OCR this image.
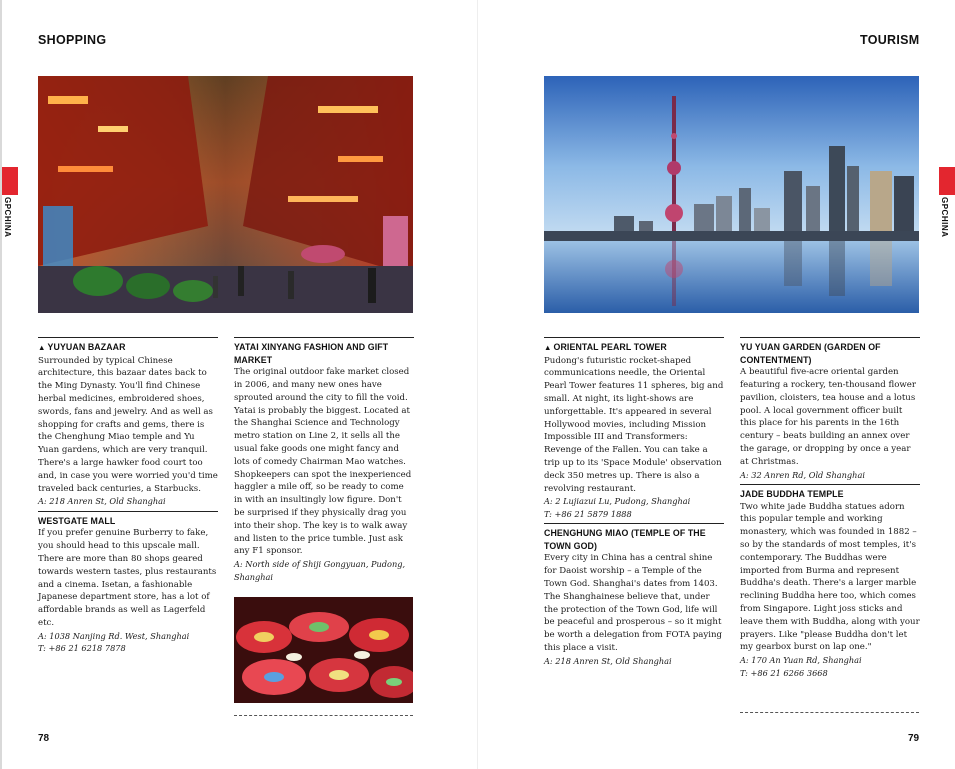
SHOPPING
GPCHINA
▲ YUYUAN BAZAAR

Surrounded by typical Chinese architecture, this bazaar dates back to the Ming Dynasty. You'll find Chinese herbal medicines, embroidered shoes, swords, fans and jewelry. And as well as shopping for crafts and gems, there is the Chenghung Miao temple and Yu Yuan gardens, which are very tranquil. There's a large hawker food court too and, in case you were worried you'd time traveled back centuries, a Starbucks.

A: 218 Anren St, Old Shanghai

WESTGATE MALL

If you prefer genuine Burberry to fake, you should head to this upscale mall. There are more than 80 shops geared towards western tastes, plus restaurants and a cinema. Isetan, a fashionable Japanese department store, has a lot of affordable brands as well as Lagerfeld etc.

A: 1038 Nanjing Rd. West, Shanghai

T: +86 21 6218 7878

YATAI XINYANG FASHION AND GIFT MARKET

The original outdoor fake market closed in 2006, and many new ones have sprouted around the city to fill the void. Yatai is probably the biggest. Located at the Shanghai Science and Technology metro station on Line 2, it sells all the usual fake goods one might fancy and lots of comedy Chairman Mao watches. Shopkeepers can spot the inexperienced haggler a mile off, so be ready to come in with an insultingly low figure. Don't be surprised if they physically drag you into their shop. The key is to walk away and listen to the price tumble. Just ask any F1 sponsor.

A: North side of Shiji Gongyuan, Pudong, Shanghai

78
TOURISM
GPCHINA
▲ ORIENTAL PEARL TOWER

Pudong's futuristic rocket-shaped communications needle, the Oriental Pearl Tower features 11 spheres, big and small. At night, its light-shows are unforgettable. It's appeared in several Hollywood movies, including Mission Impossible III and Transformers: Revenge of the Fallen. You can take a trip up to its 'Space Module' observation deck 350 metres up. There is also a revolving restaurant.

A: 2 Lujiazui Lu, Pudong, Shanghai

T: +86 21 5879 1888

CHENGHUNG MIAO (TEMPLE OF THE TOWN GOD)

Every city in China has a central shine for Daoist worship – a Temple of the Town God. Shanghai's dates from 1403. The Shanghainese believe that, under the protection of the Town God, life will be peaceful and prosperous – so it might be worth a delegation from FOTA paying this place a visit.

A: 218 Anren St, Old Shanghai

YU YUAN GARDEN (GARDEN OF CONTENTMENT)

A beautiful five-acre oriental garden featuring a rockery, ten-thousand flower pavilion, cloisters, tea house and a lotus pool. A local government officer built this place for his parents in the 16th century – beats building an annex over the garage, or dropping by once a year at Christmas.

A: 32 Anren Rd, Old Shanghai

JADE BUDDHA TEMPLE

Two white jade Buddha statues adorn this popular temple and working monastery, which was founded in 1882 – so by the standards of most temples, it's contemporary. The Buddhas were imported from Burma and represent Buddha's death. There's a larger marble reclining Buddha here too, which comes from Singapore. Light joss sticks and leave them with Buddha, along with your prayers. Like "please Buddha don't let my gearbox burst on lap one."

A: 170 An Yuan Rd, Shanghai

T: +86 21 6266 3668

79
